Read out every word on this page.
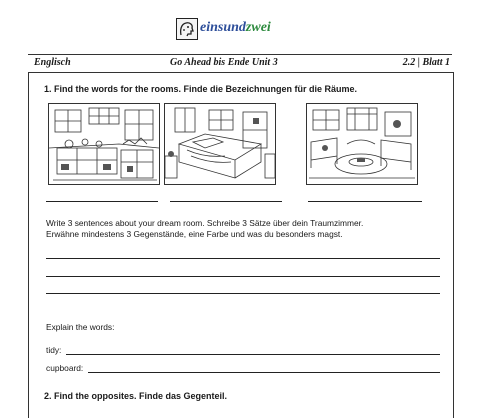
einsundzwei
Englisch	Go Ahead bis Ende Unit 3	2.2 | Blatt 1
1. Find the words for the rooms. Finde die Bezeichnungen für die Räume.
Write 3 sentences about your dream room. Schreibe 3 Sätze über dein Traumzimmer.
Erwähne mindestens 3 Gegenstände, eine Farbe und was du besonders magst.
Explain the words:
tidy:
cupboard:
2. Find the opposites. Finde das Gegenteil.
